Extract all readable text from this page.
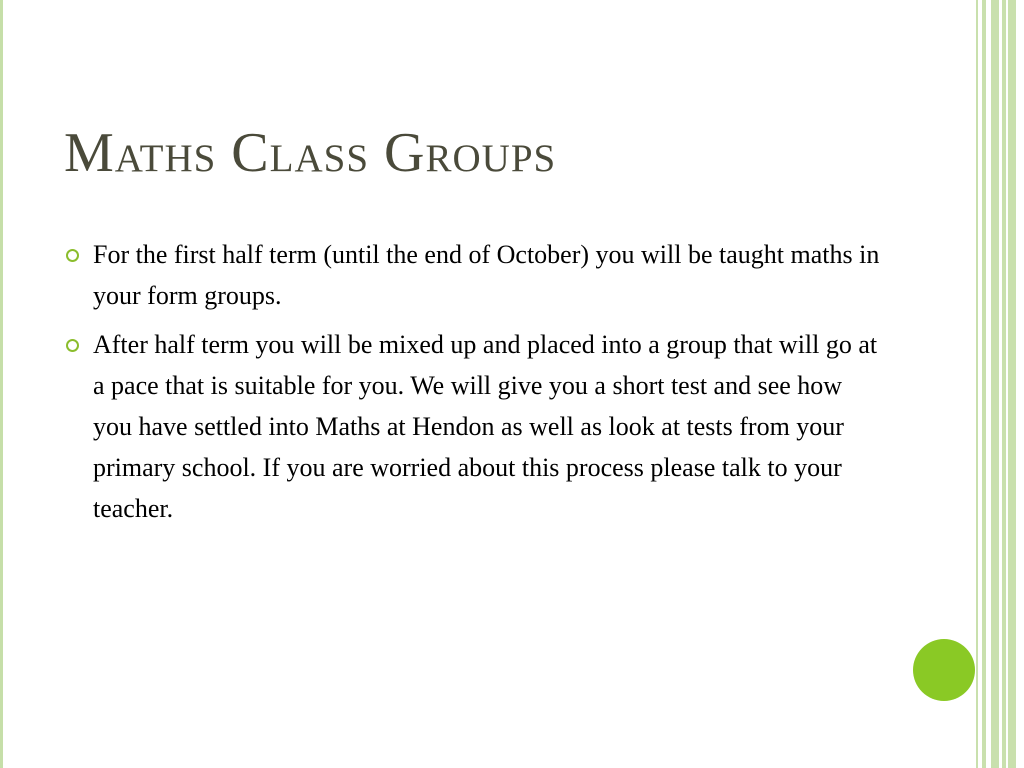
Maths Class Groups
For the first half term (until the end of October) you will be taught maths in your form groups.
After half term you will be mixed up and placed into a group that will go at a pace that is suitable for you. We will give you a short test and see how you have settled into Maths at Hendon as well as look at tests from your primary school. If you are worried about this process please talk to your teacher.
